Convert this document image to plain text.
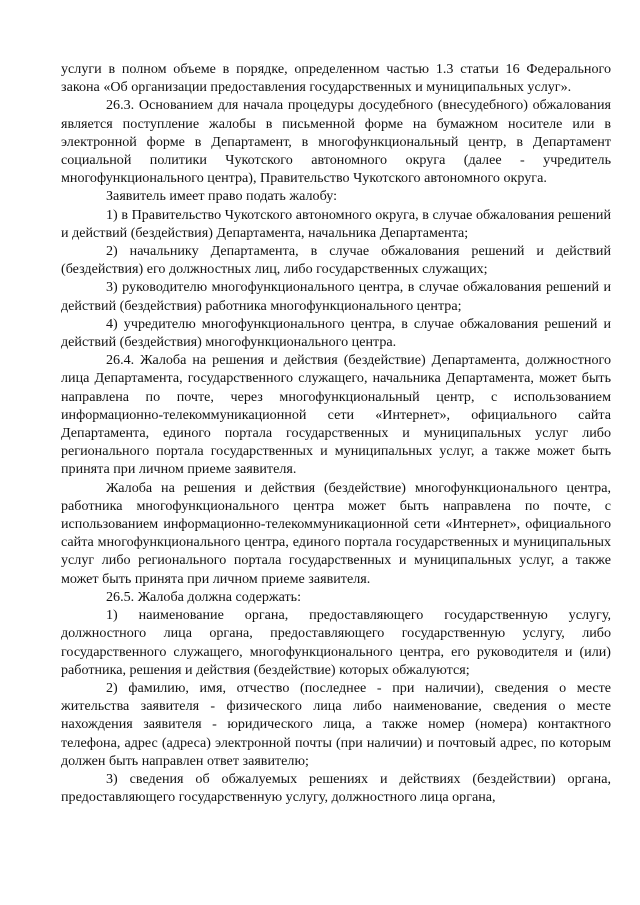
услуги в полном объеме в порядке, определенном частью 1.3 статьи 16 Федерального закона «Об организации предоставления государственных и муниципальных услуг».

26.3. Основанием для начала процедуры досудебного (внесудебного) обжалования является поступление жалобы в письменной форме на бумажном носителе или в электронной форме в Департамент, в многофункциональный центр, в Департамент социальной политики Чукотского автономного округа (далее - учредитель многофункционального центра), Правительство Чукотского автономного округа.

Заявитель имеет право подать жалобу:

1) в Правительство Чукотского автономного округа, в случае обжалования решений и действий (бездействия) Департамента, начальника Департамента;

2) начальнику Департамента, в случае обжалования решений и действий (бездействия) его должностных лиц, либо государственных служащих;

3) руководителю многофункционального центра, в случае обжалования решений и действий (бездействия) работника многофункционального центра;

4) учредителю многофункционального центра, в случае обжалования решений и действий (бездействия) многофункционального центра.

26.4. Жалоба на решения и действия (бездействие) Департамента, должностного лица Департамента, государственного служащего, начальника Департамента, может быть направлена по почте, через многофункциональный центр, с использованием информационно-телекоммуникационной сети «Интернет», официального сайта Департамента, единого портала государственных и муниципальных услуг либо регионального портала государственных и муниципальных услуг, а также может быть принята при личном приеме заявителя.

Жалоба на решения и действия (бездействие) многофункционального центра, работника многофункционального центра может быть направлена по почте, с использованием информационно-телекоммуникационной сети «Интернет», официального сайта многофункционального центра, единого портала государственных и муниципальных услуг либо регионального портала государственных и муниципальных услуг, а также может быть принята при личном приеме заявителя.

26.5. Жалоба должна содержать:

1) наименование органа, предоставляющего государственную услугу, должностного лица органа, предоставляющего государственную услугу, либо государственного служащего, многофункционального центра, его руководителя и (или) работника, решения и действия (бездействие) которых обжалуются;

2) фамилию, имя, отчество (последнее - при наличии), сведения о месте жительства заявителя - физического лица либо наименование, сведения о месте нахождения заявителя - юридического лица, а также номер (номера) контактного телефона, адрес (адреса) электронной почты (при наличии) и почтовый адрес, по которым должен быть направлен ответ заявителю;

3) сведения об обжалуемых решениях и действиях (бездействии) органа, предоставляющего государственную услугу, должностного лица органа,
